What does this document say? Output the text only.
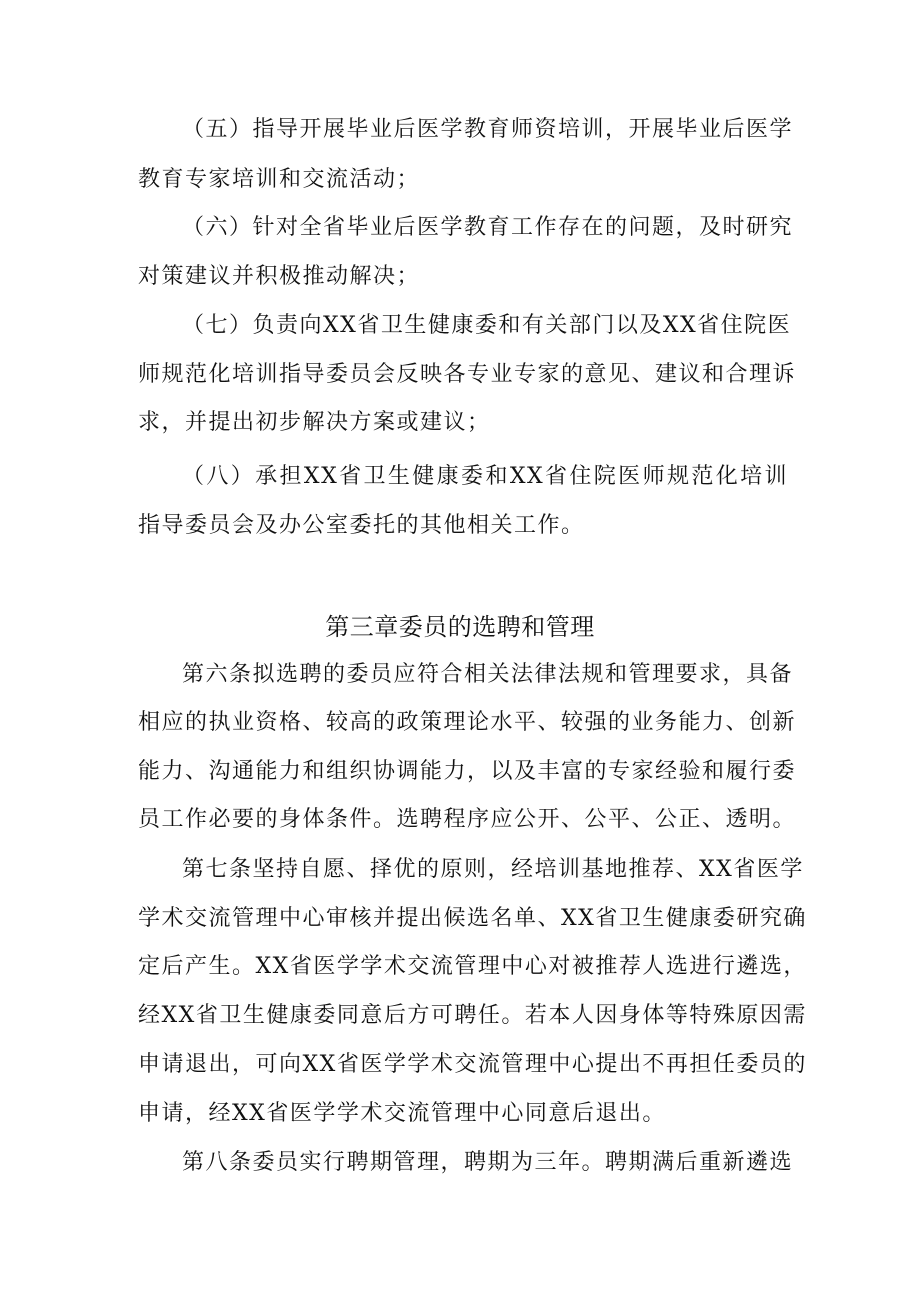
（五）指导开展毕业后医学教育师资培训，开展毕业后医学
教育专家培训和交流活动；
（六）针对全省毕业后医学教育工作存在的问题，及时研究
对策建议并积极推动解决；
（七）负责向XX省卫生健康委和有关部门以及XX省住院医
师规范化培训指导委员会反映各专业专家的意见、建议和合理诉
求，并提出初步解决方案或建议；
（八）承担XX省卫生健康委和XX省住院医师规范化培训
指导委员会及办公室委托的其他相关工作。
第三章委员的选聘和管理
第六条拟选聘的委员应符合相关法律法规和管理要求，具备
相应的执业资格、较高的政策理论水平、较强的业务能力、创新
能力、沟通能力和组织协调能力，以及丰富的专家经验和履行委
员工作必要的身体条件。选聘程序应公开、公平、公正、透明。
第七条坚持自愿、择优的原则，经培训基地推荐、XX省医学
学术交流管理中心审核并提出候选名单、XX省卫生健康委研究确
定后产生。XX省医学学术交流管理中心对被推荐人选进行遴选，
经XX省卫生健康委同意后方可聘任。若本人因身体等特殊原因需
申请退出，可向XX省医学学术交流管理中心提出不再担任委员的
申请，经XX省医学学术交流管理中心同意后退出。
第八条委员实行聘期管理，聘期为三年。聘期满后重新遴选
